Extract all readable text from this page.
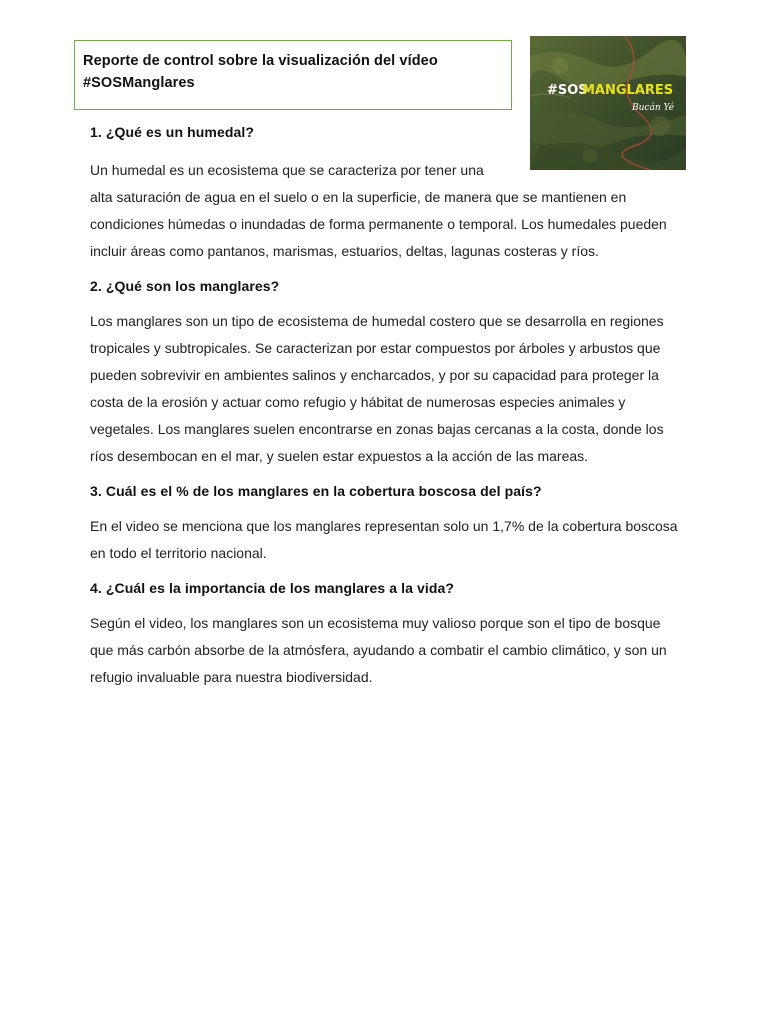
Reporte de control sobre la visualización del vídeo #SOSManglares	#SOS
MANGLARES
Bucán Yé
1. ¿Qué es un humedal?

Un humedal es un ecosistema que se caracteriza por tener una
alta saturación de agua en el suelo o en la superficie, de manera que se mantienen en condiciones húmedas o inundadas de forma permanente o temporal. Los humedales pueden incluir áreas como pantanos, marismas, estuarios, deltas, lagunas costeras y ríos.

2. ¿Qué son los manglares?

Los manglares son un tipo de ecosistema de humedal costero que se desarrolla en regiones tropicales y subtropicales. Se caracterizan por estar compuestos por árboles y arbustos que pueden sobrevivir en ambientes salinos y encharcados, y por su capacidad para proteger la costa de la erosión y actuar como refugio y hábitat de numerosas especies animales y vegetales. Los manglares suelen encontrarse en zonas bajas cercanas a la costa, donde los ríos desembocan en el mar, y suelen estar expuestos a la acción de las mareas.

3. Cuál es el % de los manglares en la cobertura boscosa del país?

En el video se menciona que los manglares representan solo un 1,7% de la cobertura boscosa en todo el territorio nacional.

4. ¿Cuál es la importancia de los manglares a la vida?

Según el video, los manglares son un ecosistema muy valioso porque son el tipo de bosque que más carbón absorbe de la atmósfera, ayudando a combatir el cambio climático, y son un refugio invaluable para nuestra biodiversidad.
